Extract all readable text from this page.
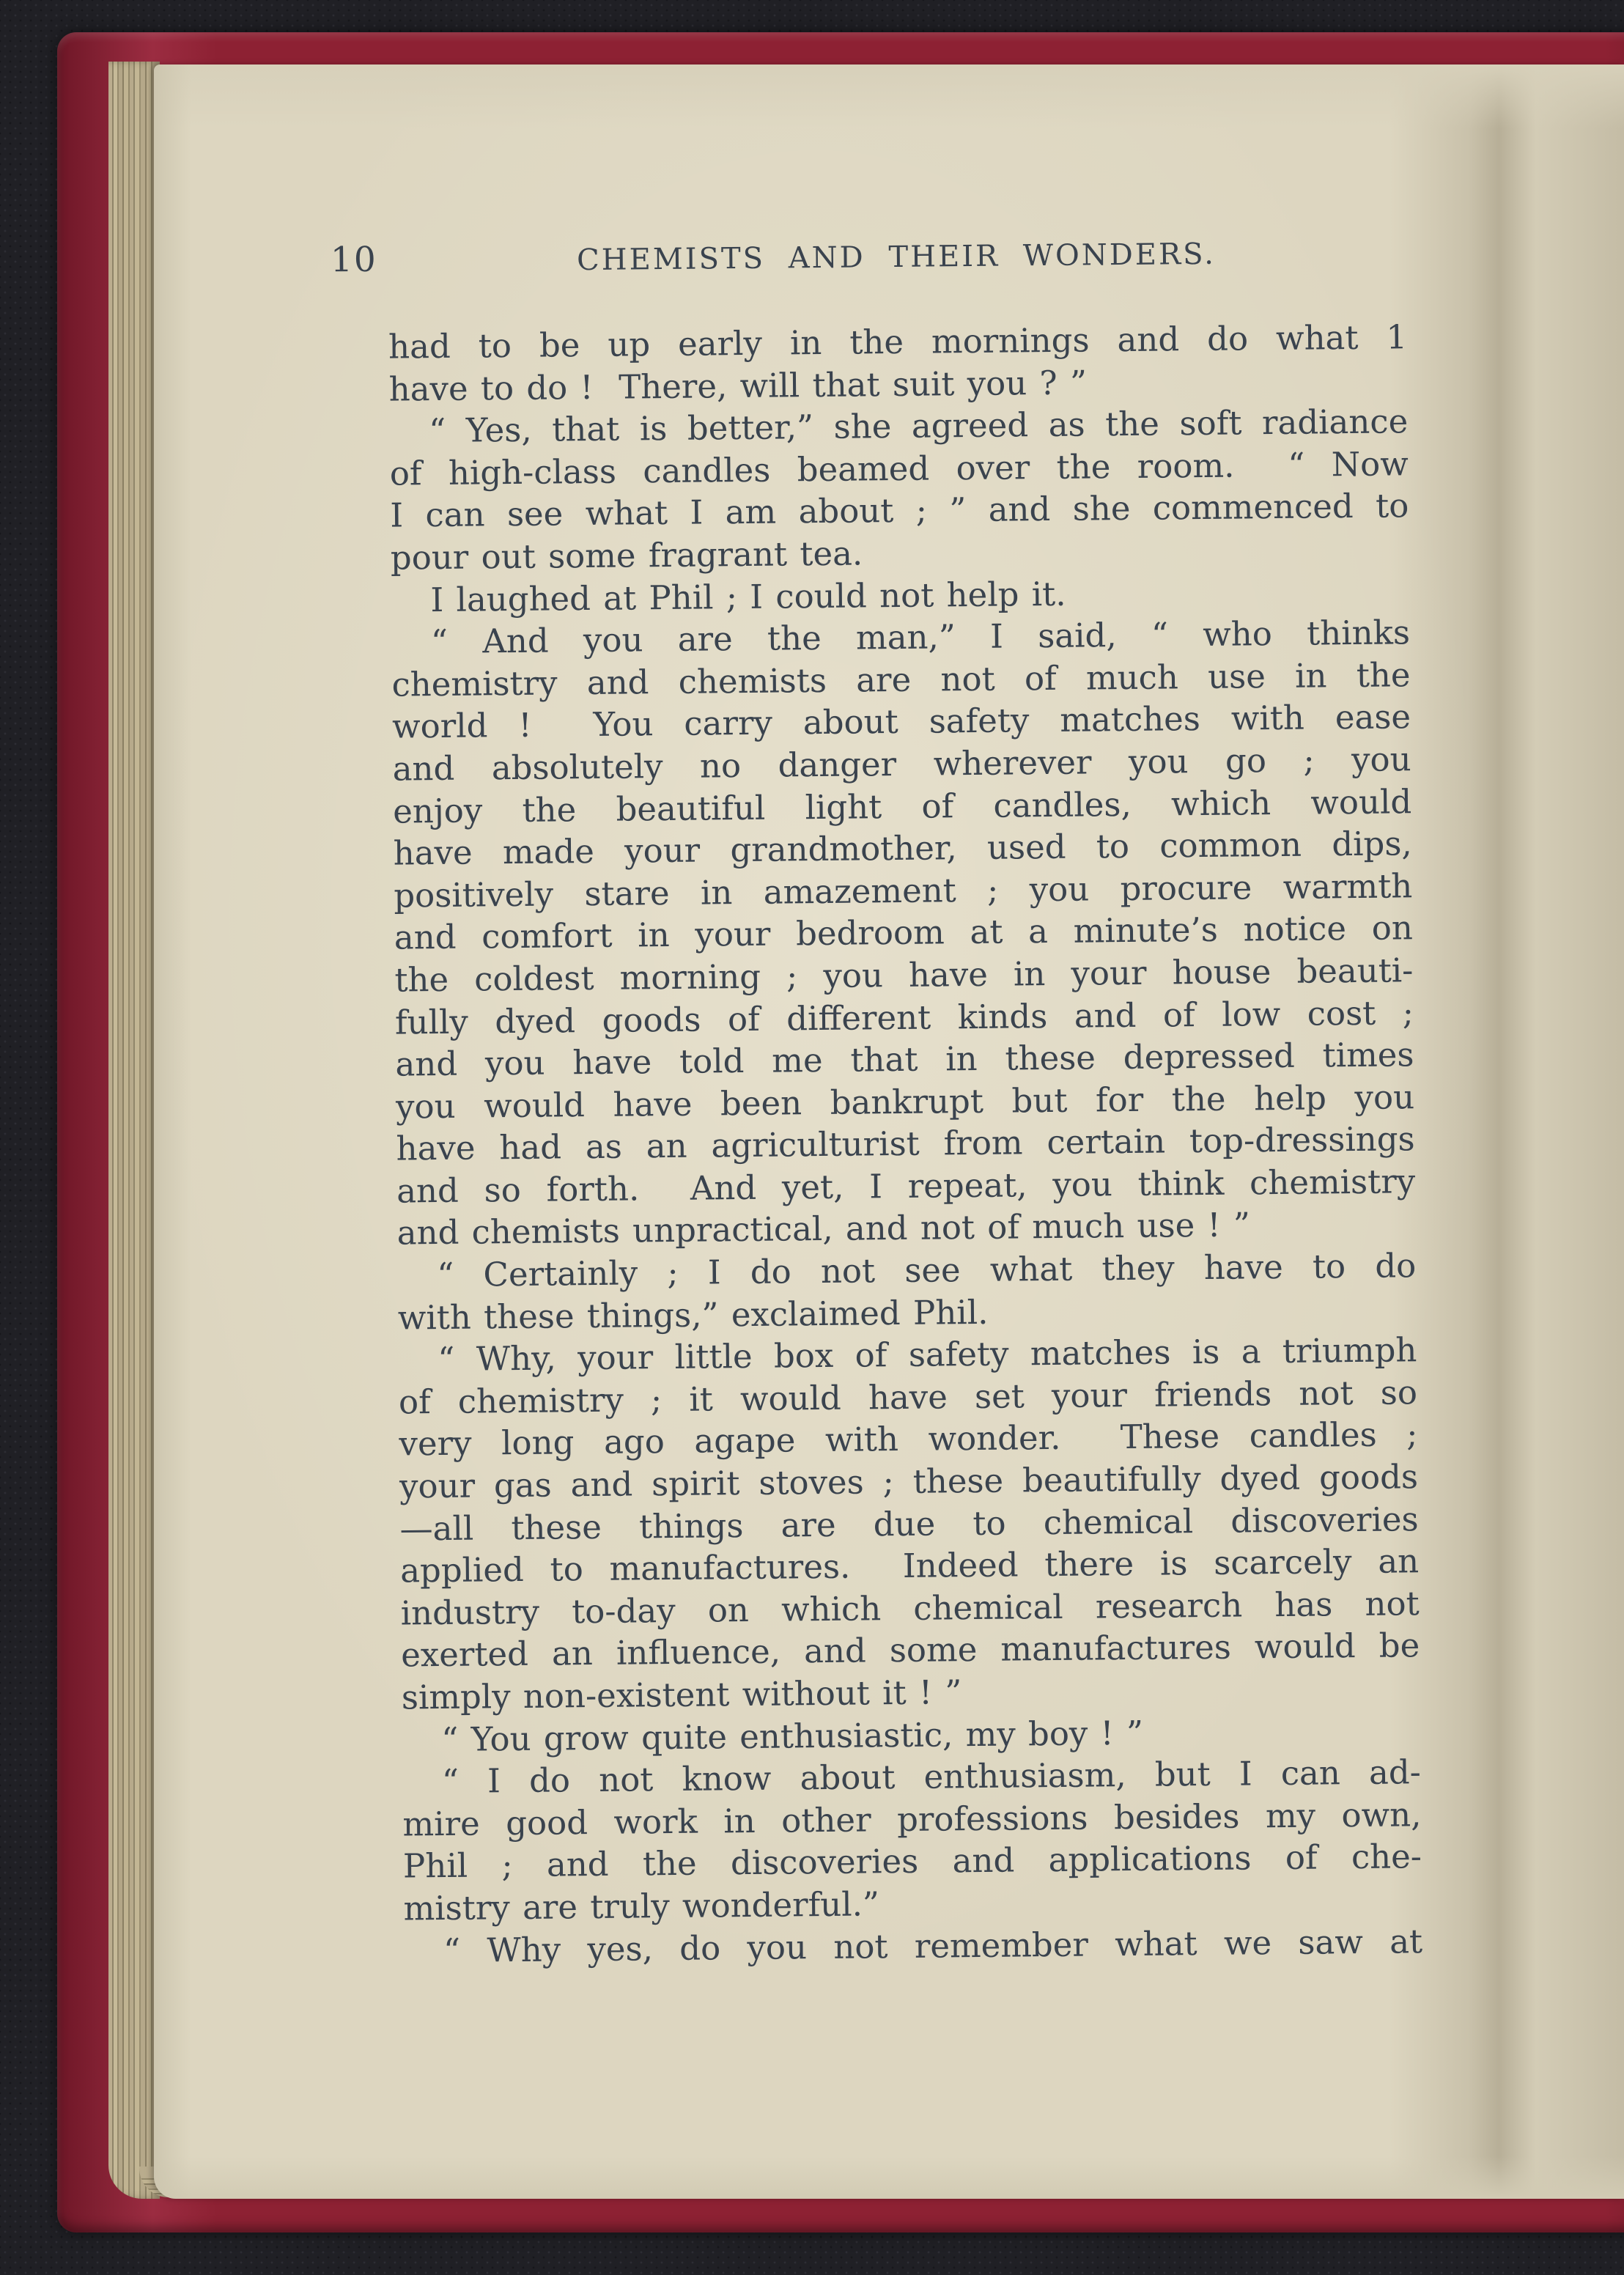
10	CHEMISTS AND THEIR WONDERS.
had to be up early in the mornings and do what 1
have to do !  There, will that suit you ? ”
“ Yes, that is better,” she agreed as the soft radiance
of high-class candles beamed over the room.  “ Now
I can see what I am about ; ” and she commenced to
pour out some fragrant tea.
I laughed at Phil ; I could not help it.
“ And you are the man,” I said, “ who thinks
chemistry and chemists are not of much use in the
world !  You carry about safety matches with ease
and absolutely no danger wherever you go ; you
enjoy the beautiful light of candles, which would
have made your grandmother, used to common dips,
positively stare in amazement ; you procure warmth
and comfort in your bedroom at a minute’s notice on
the coldest morning ; you have in your house beauti-
fully dyed goods of different kinds and of low cost ;
and you have told me that in these depressed times
you would have been bankrupt but for the help you
have had as an agriculturist from certain top-dressings
and so forth.  And yet, I repeat, you think chemistry
and chemists unpractical, and not of much use ! ”
“ Certainly ; I do not see what they have to do
with these things,” exclaimed Phil.
“ Why, your little box of safety matches is a triumph
of chemistry ; it would have set your friends not so
very long ago agape with wonder.  These candles ;
your gas and spirit stoves ; these beautifully dyed goods
—all these things are due to chemical discoveries
applied to manufactures.  Indeed there is scarcely an
industry to-day on which chemical research has not
exerted an influence, and some manufactures would be
simply non-existent without it ! ”
“ You grow quite enthusiastic, my boy ! ”
“ I do not know about enthusiasm, but I can ad-
mire good work in other professions besides my own,
Phil ; and the discoveries and applications of che-
mistry are truly wonderful.”
“ Why yes, do you not remember what we saw at
